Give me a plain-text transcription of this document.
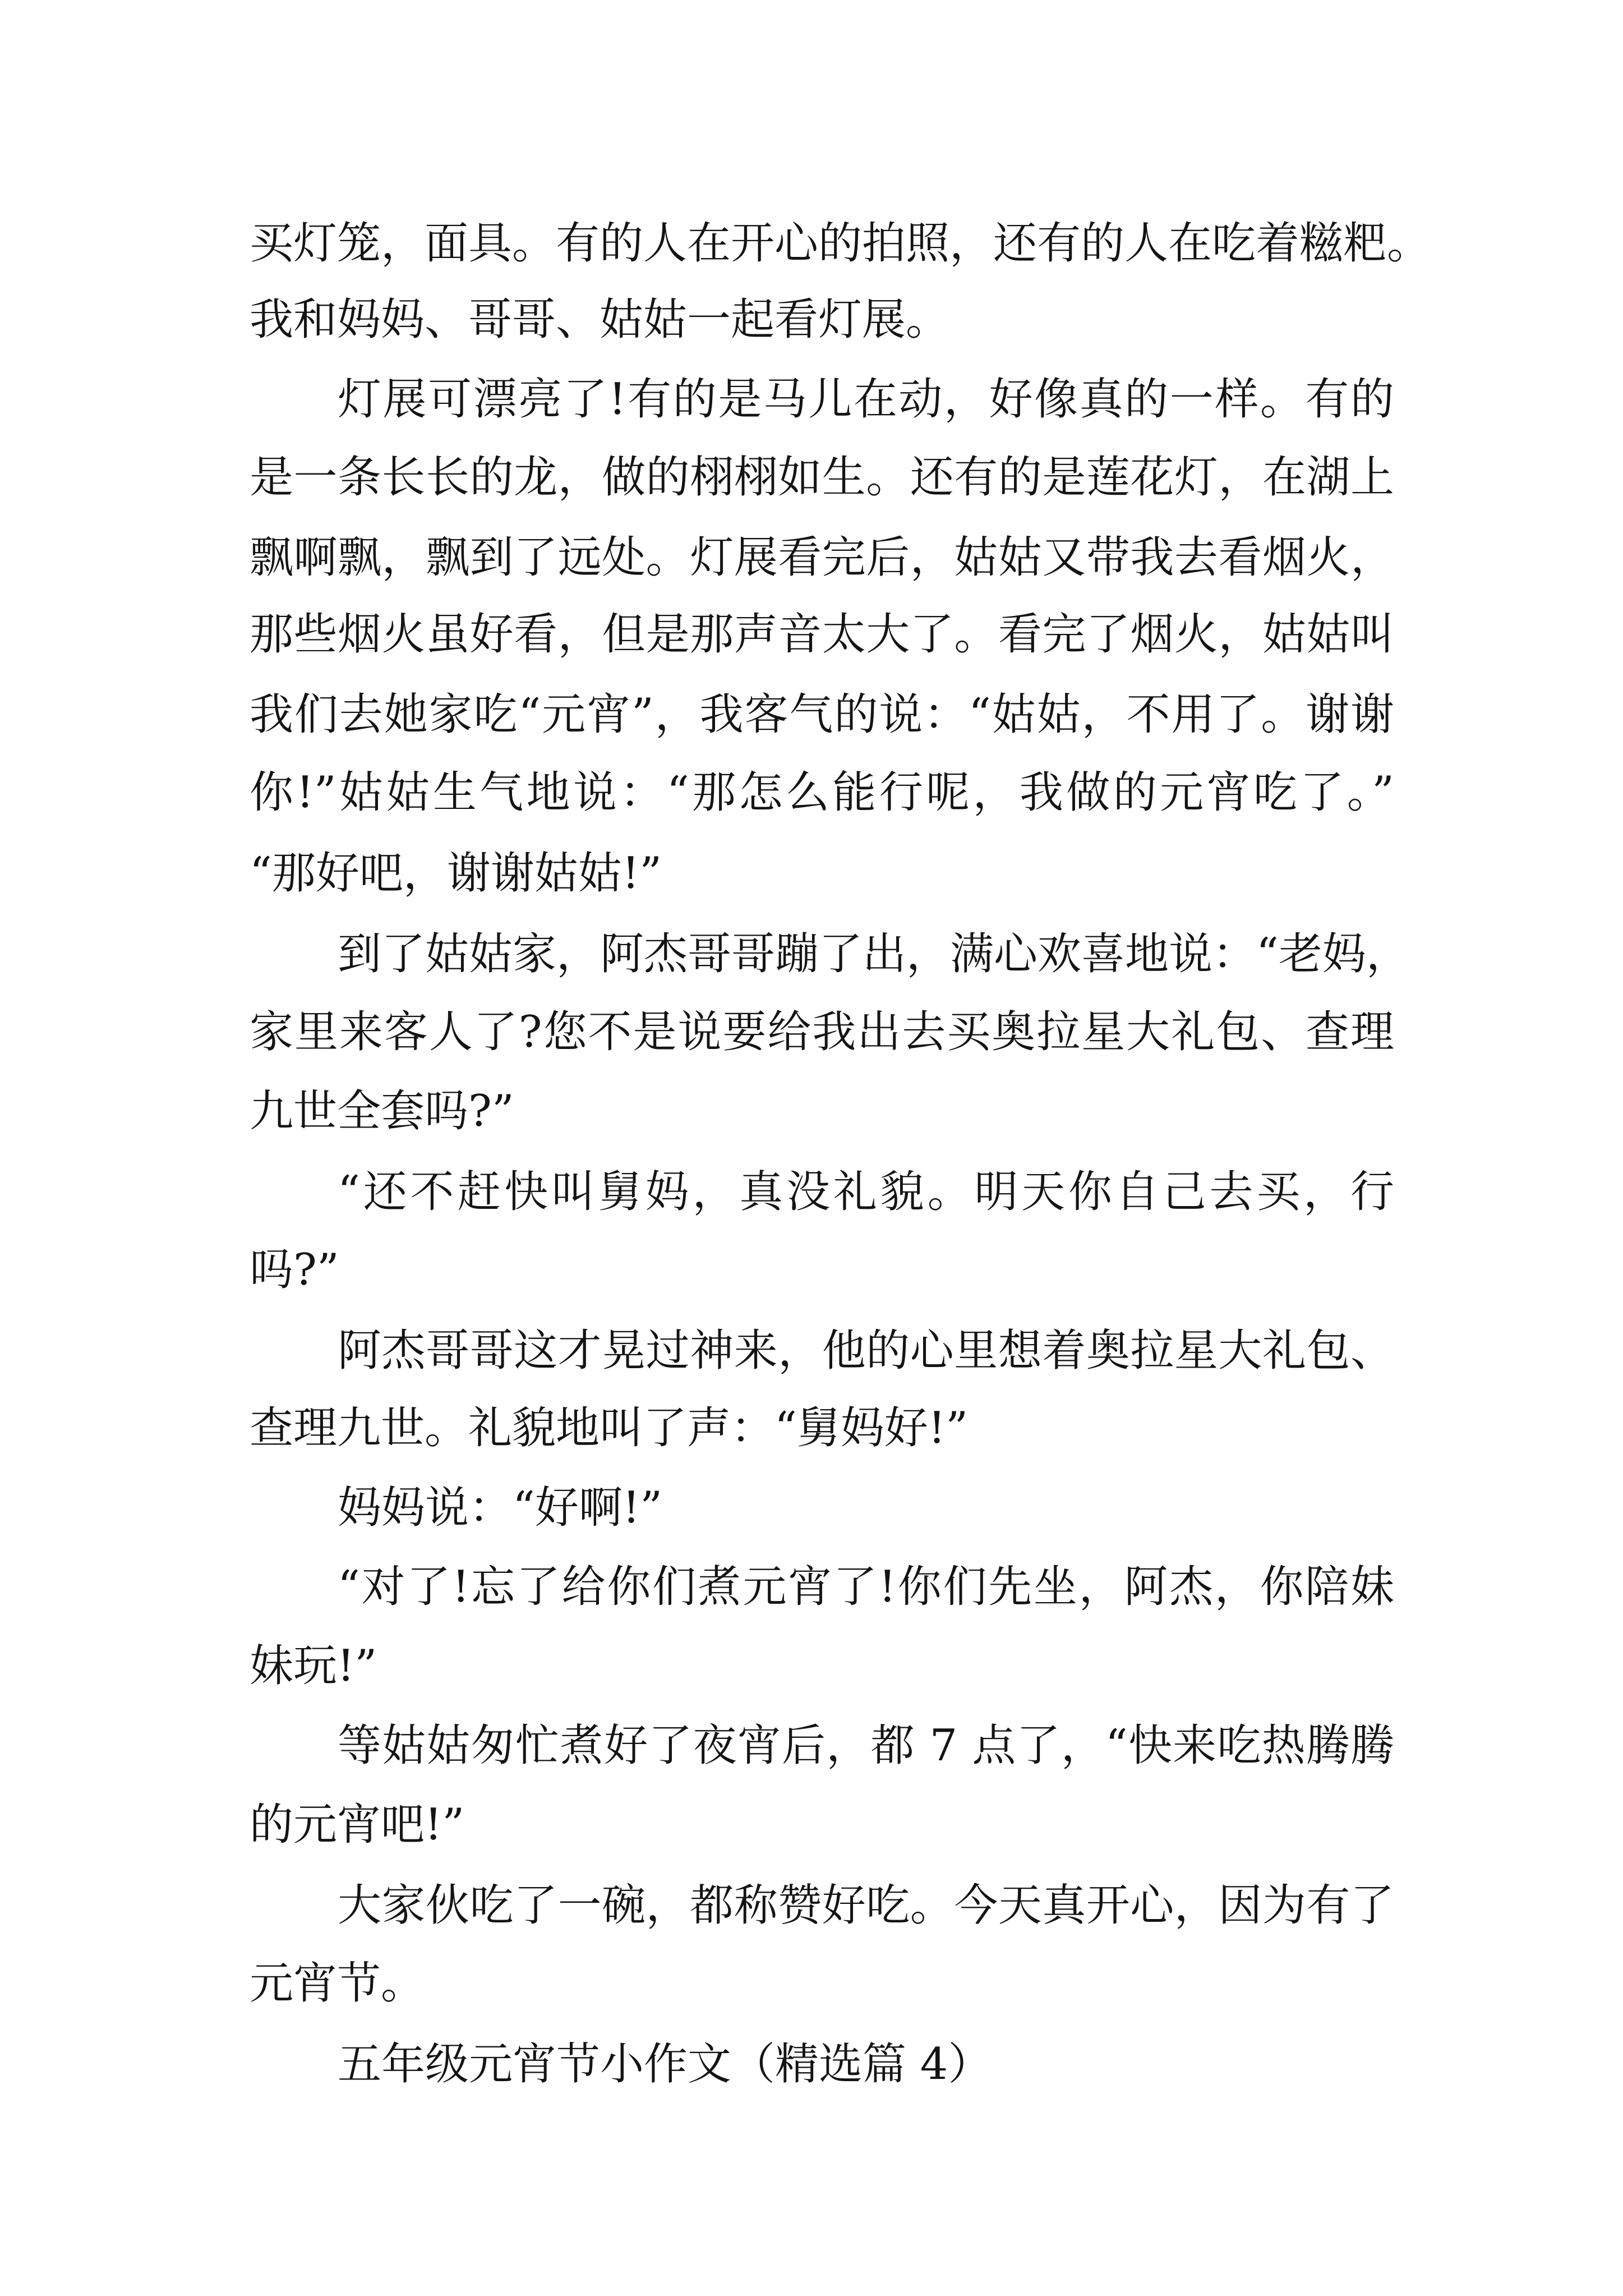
买灯笼，面具。有的人在开心的拍照，还有的人在吃着糍粑。
我和妈妈、哥哥、姑姑一起看灯展。
灯展可漂亮了!有的是马儿在动，好像真的一样。有的
是一条长长的龙，做的栩栩如生。还有的是莲花灯，在湖上
飘啊飘，飘到了远处。灯展看完后，姑姑又带我去看烟火，
那些烟火虽好看，但是那声音太大了。看完了烟火，姑姑叫
我们去她家吃“元宵”，我客气的说：“姑姑，不用了。谢谢
你!”姑姑生气地说：“那怎么能行呢，我做的元宵吃了。”
“那好吧，谢谢姑姑!”
到了姑姑家，阿杰哥哥蹦了出，满心欢喜地说：“老妈，
家里来客人了?您不是说要给我出去买奥拉星大礼包、查理
九世全套吗?”
“还不赶快叫舅妈，真没礼貌。明天你自己去买，行
吗?”
阿杰哥哥这才晃过神来，他的心里想着奥拉星大礼包、
查理九世。礼貌地叫了声：“舅妈好!”
妈妈说：“好啊!”
“对了!忘了给你们煮元宵了!你们先坐，阿杰，你陪妹
妹玩!”
等姑姑匆忙煮好了夜宵后，都 7 点了，“快来吃热腾腾
的元宵吧!”
大家伙吃了一碗，都称赞好吃。今天真开心，因为有了
元宵节。
五年级元宵节小作文（精选篇 4）
